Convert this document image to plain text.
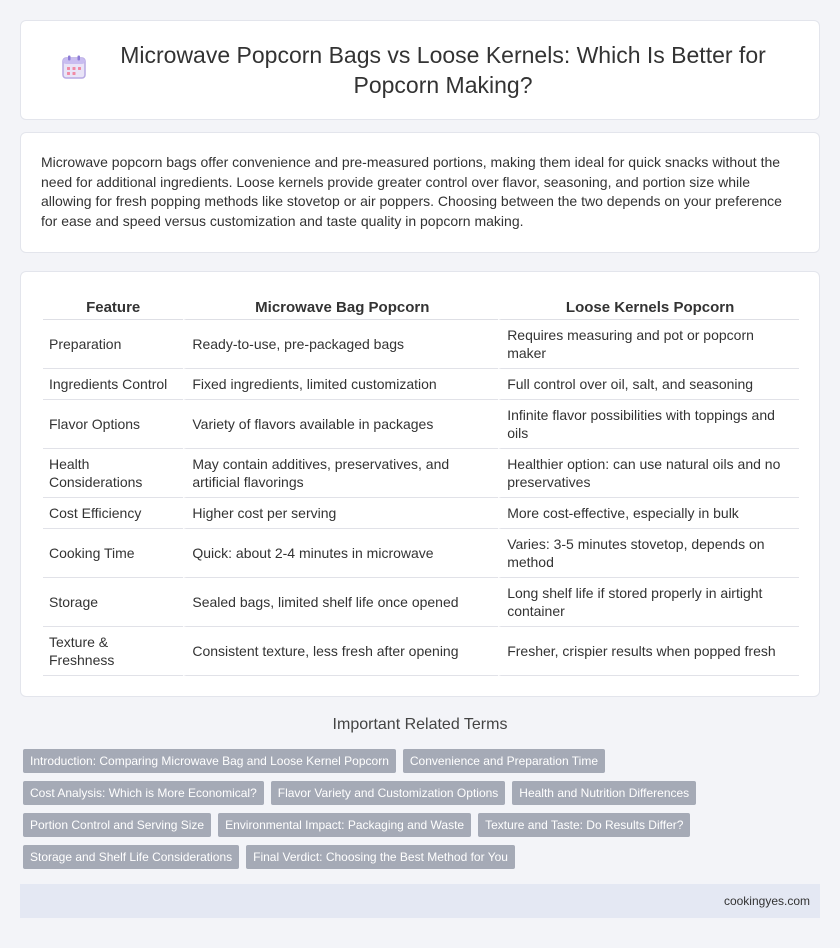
Microwave Popcorn Bags vs Loose Kernels: Which Is Better for Popcorn Making?

Microwave popcorn bags offer convenience and pre-measured portions, making them ideal for quick snacks without the need for additional ingredients. Loose kernels provide greater control over flavor, seasoning, and portion size while allowing for fresh popping methods like stovetop or air poppers. Choosing between the two depends on your preference for ease and speed versus customization and taste quality in popcorn making.

Feature	Microwave Bag Popcorn	Loose Kernels Popcorn
Preparation	Ready-to-use, pre-packaged bags	Requires measuring and pot or popcorn maker
Ingredients Control	Fixed ingredients, limited customization	Full control over oil, salt, and seasoning
Flavor Options	Variety of flavors available in packages	Infinite flavor possibilities with toppings and oils
Health Considerations	May contain additives, preservatives, and artificial flavorings	Healthier option: can use natural oils and no preservatives
Cost Efficiency	Higher cost per serving	More cost-effective, especially in bulk
Cooking Time	Quick: about 2-4 minutes in microwave	Varies: 3-5 minutes stovetop, depends on method
Storage	Sealed bags, limited shelf life once opened	Long shelf life if stored properly in airtight container
Texture & Freshness	Consistent texture, less fresh after opening	Fresher, crispier results when popped fresh
Important Related Terms
Introduction: Comparing Microwave Bag and Loose Kernel Popcorn	Convenience and Preparation Time
Cost Analysis: Which is More Economical?	Flavor Variety and Customization Options	Health and Nutrition Differences
Portion Control and Serving Size	Environmental Impact: Packaging and Waste	Texture and Taste: Do Results Differ?
Storage and Shelf Life Considerations	Final Verdict: Choosing the Best Method for You
cookingyes.com
